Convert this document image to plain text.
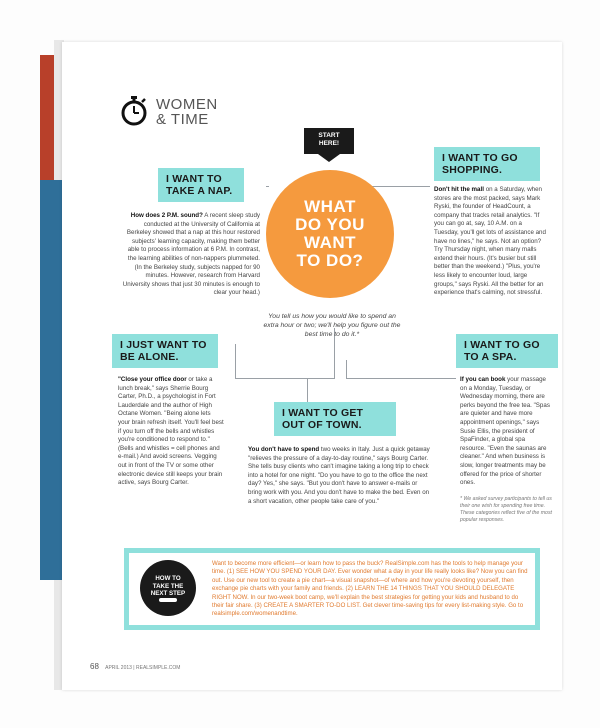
WOMEN
& TIME
START
HERE!
WHAT
DO YOU
WANT
TO DO?
You tell us how you would like to spend an extra hour or two; we'll help you figure out the best time to do it.*
I WANT TO TAKE A NAP.
How does 2 P.M. sound? A recent sleep study conducted at the University of California at Berkeley showed that a nap at this hour restored subjects' learning capacity, making them better able to process information at 6 P.M. In contrast, the learning abilities of non-nappers plummeted. (In the Berkeley study, subjects napped for 90 minutes. However, research from Harvard University shows that just 30 minutes is enough to clear your head.)
I WANT TO GO SHOPPING.
Don't hit the mall on a Saturday, when stores are the most packed, says Mark Ryski, the founder of HeadCount, a company that tracks retail analytics. "If you can go at, say, 10 A.M. on a Tuesday, you'll get lots of assistance and have no lines," he says. Not an option? Try Thursday night, when many malls extend their hours. (It's busier but still better than the weekend.) "Plus, you're less likely to encounter loud, large groups," says Ryski. All the better for an experience that's calming, not stressful.
I JUST WANT TO BE ALONE.
"Close your office door or take a lunch break," says Sherrie Bourg Carter, Ph.D., a psychologist in Fort Lauderdale and the author of High Octane Women. "Being alone lets your brain refresh itself. You'll feel best if you turn off the bells and whistles you're conditioned to respond to." (Bells and whistles = cell phones and e-mail.) And avoid screens. Vegging out in front of the TV or some other electronic device still keeps your brain active, says Bourg Carter.
I WANT TO GET OUT OF TOWN.
You don't have to spend two weeks in Italy. Just a quick getaway "relieves the pressure of a day-to-day routine," says Bourg Carter. She tells busy clients who can't imagine taking a long trip to check into a hotel for one night. "Do you have to go to the office the next day? Yes," she says. "But you don't have to answer e-mails or bring work with you. And you don't have to make the bed. Even on a short vacation, other people take care of you."
I WANT TO GO TO A SPA.
If you can book your massage on a Monday, Tuesday, or Wednesday morning, there are perks beyond the free tea. "Spas are quieter and have more appointment openings," says Susie Ellis, the president of SpaFinder, a global spa resource. "Even the saunas are cleaner." And when business is slow, longer treatments may be offered for the price of shorter ones.
* We asked survey participants to tell us their one wish for spending free time. These categories reflect five of the most popular responses.
HOW TO
TAKE THE
NEXT STEP
Want to become more efficient—or learn how to pass the buck? RealSimple.com has the tools to help manage your time. (1) SEE HOW YOU SPEND YOUR DAY. Ever wonder what a day in your life really looks like? Now you can find out. Use our new tool to create a pie chart—a visual snapshot—of where and how you're devoting yourself, then exchange pie charts with your family and friends. (2) LEARN THE 14 THINGS THAT YOU SHOULD DELEGATE RIGHT NOW. In our two-week boot camp, we'll explain the best strategies for getting your kids and husband to do their fair share. (3) CREATE A SMARTER TO-DO LIST. Get clever time-saving tips for every list-making style. Go to realsimple.com/womenandtime.
68 APRIL 2013 | REALSIMPLE.COM
